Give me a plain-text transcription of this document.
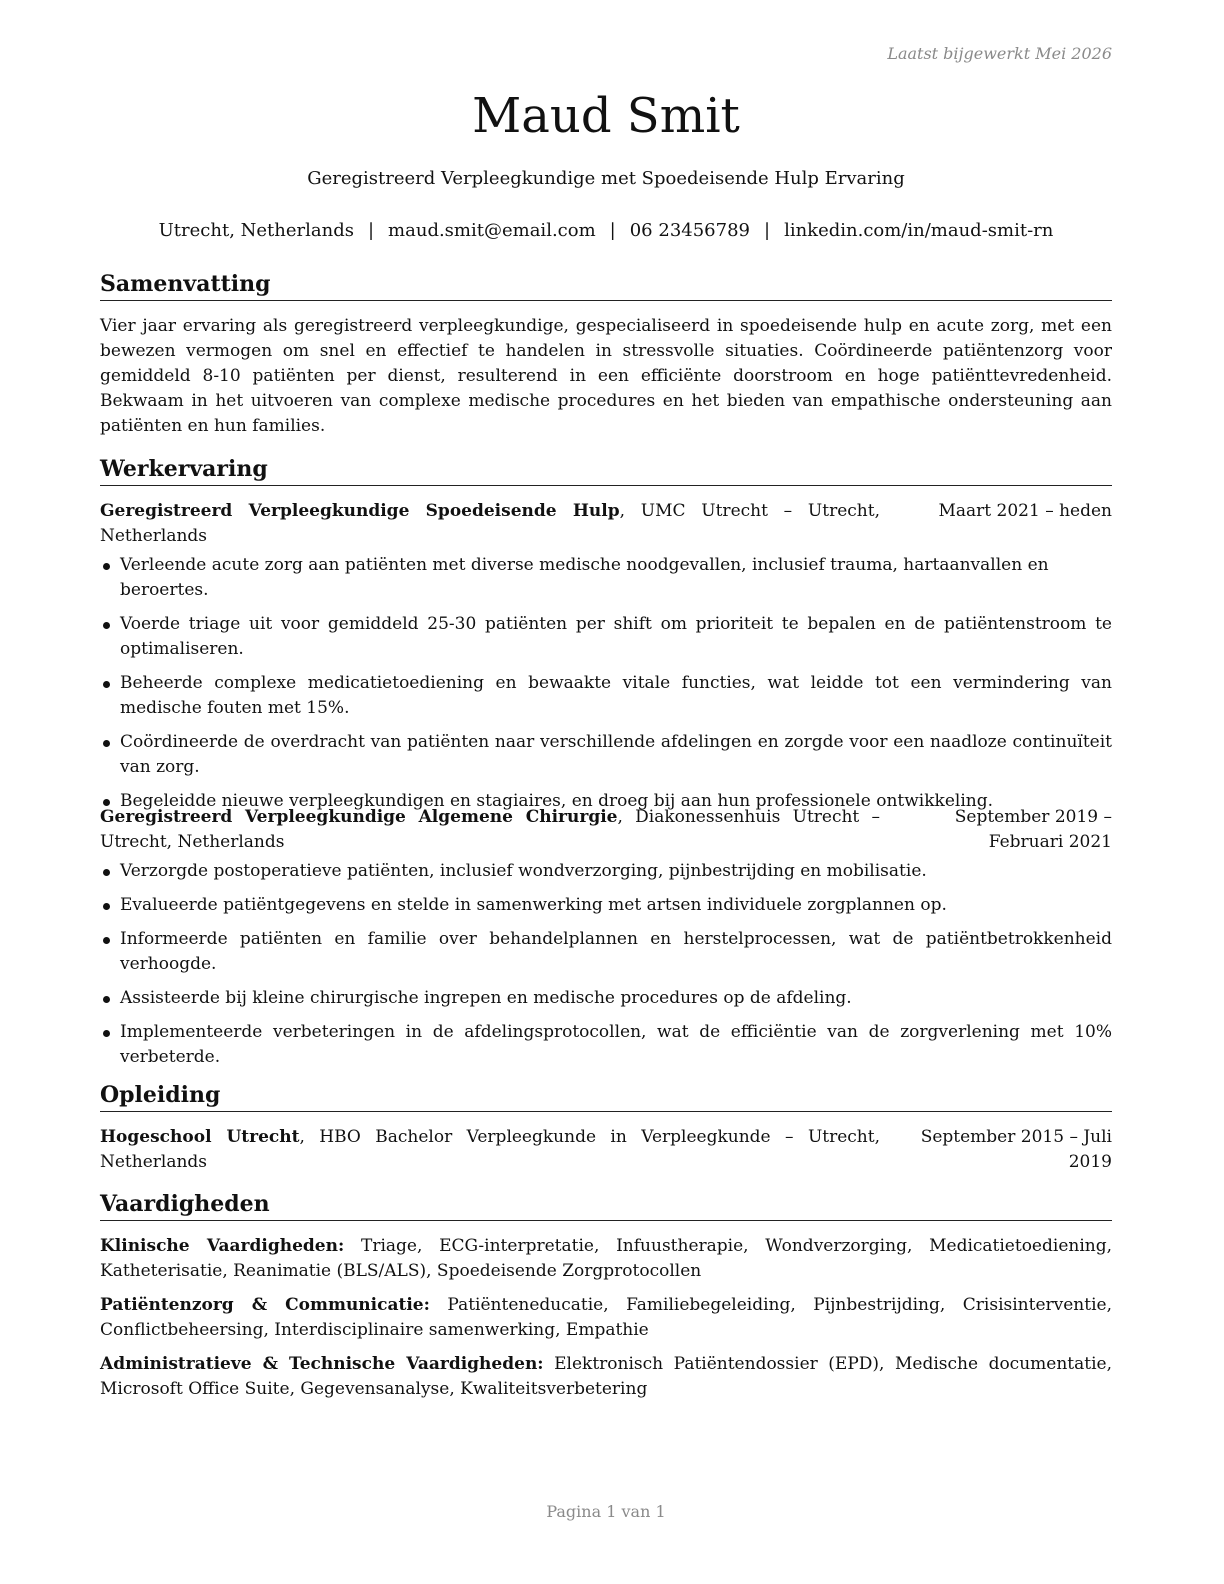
Laatst bijgewerkt Mei 2026
Maud Smit
Geregistreerd Verpleegkundige met Spoedeisende Hulp Ervaring
Utrecht, Netherlands | maud.smit@email.com | 06 23456789 | linkedin.com/in/maud-smit-rn
Samenvatting
Vier jaar ervaring als geregistreerd verpleegkundige, gespecialiseerd in spoedeisende hulp en acute zorg, met een bewezen vermogen om snel en effectief te handelen in stressvolle situaties. Coördineerde patiëntenzorg voor gemiddeld 8-10 patiënten per dienst, resulterend in een efficiënte doorstroom en hoge patiënttevredenheid. Bekwaam in het uitvoeren van complexe medische procedures en het bieden van empathische ondersteuning aan patiënten en hun families.
Werkervaring
Geregistreerd Verpleegkundige Spoedeisende Hulp, UMC Utrecht – Utrecht, Netherlands
Maart 2021 – heden
Verleende acute zorg aan patiënten met diverse medische noodgevallen, inclusief trauma, hartaanvallen en beroertes.
Voerde triage uit voor gemiddeld 25-30 patiënten per shift om prioriteit te bepalen en de patiëntenstroom te optimaliseren.
Beheerde complexe medicatietoediening en bewaakte vitale functies, wat leidde tot een vermindering van medische fouten met 15%.
Coördineerde de overdracht van patiënten naar verschillende afdelingen en zorgde voor een naadloze continuïteit van zorg.
Begeleidde nieuwe verpleegkundigen en stagiaires, en droeg bij aan hun professionele ontwikkeling.
Geregistreerd Verpleegkundige Algemene Chirurgie, Diakonessenhuis Utrecht – Utrecht, Netherlands
September 2019 – Februari 2021
Verzorgde postoperatieve patiënten, inclusief wondverzorging, pijnbestrijding en mobilisatie.
Evalueerde patiëntgegevens en stelde in samenwerking met artsen individuele zorgplannen op.
Informeerde patiënten en familie over behandelplannen en herstelprocessen, wat de patiëntbetrokkenheid verhoogde.
Assisteerde bij kleine chirurgische ingrepen en medische procedures op de afdeling.
Implementeerde verbeteringen in de afdelingsprotocollen, wat de efficiëntie van de zorgverlening met 10% verbeterde.
Opleiding
Hogeschool Utrecht, HBO Bachelor Verpleegkunde in Verpleegkunde – Utrecht, Netherlands
September 2015 – Juli 2019
Vaardigheden
Klinische Vaardigheden: Triage, ECG-interpretatie, Infuustherapie, Wondverzorging, Medicatietoediening, Katheterisatie, Reanimatie (BLS/ALS), Spoedeisende Zorgprotocollen
Patiëntenzorg & Communicatie: Patiënteneducatie, Familiebegeleiding, Pijnbestrijding, Crisisinterventie, Conflictbeheersing, Interdisciplinaire samenwerking, Empathie
Administratieve & Technische Vaardigheden: Elektronisch Patiëntendossier (EPD), Medische documentatie, Microsoft Office Suite, Gegevensanalyse, Kwaliteitsverbetering
Pagina 1 van 1
